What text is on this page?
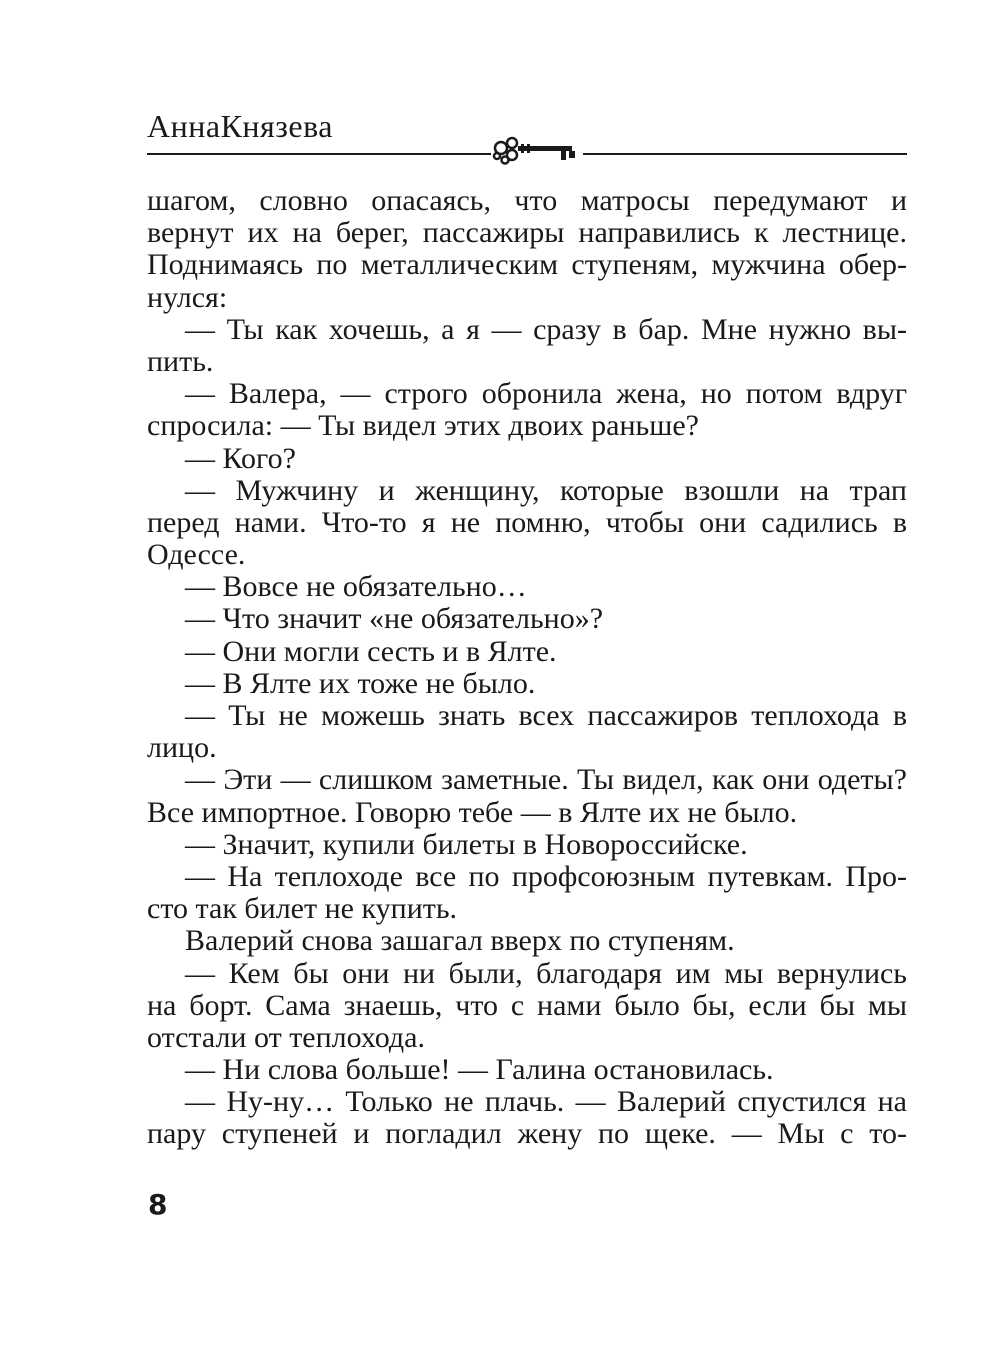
АннаКнязева
шагом, словно опасаясь, что матросы передумают и
вернут их на берег, пассажиры направились к лестнице.
Поднимаясь по металлическим ступеням, мужчина обер-
нулся:
— Ты как хочешь, а я — сразу в бар. Мне нужно вы-
пить.
— Валера, — строго обронила жена, но потом вдруг
спросила: — Ты видел этих двоих раньше?
— Кого?
— Мужчину и женщину, которые взошли на трап
перед нами. Что-то я не помню, чтобы они садились в
Одессе.
— Вовсе не обязательно…
— Что значит «не обязательно»?
— Они могли сесть и в Ялте.
— В Ялте их тоже не было.
— Ты не можешь знать всех пассажиров теплохода в
лицо.
— Эти — слишком заметные. Ты видел, как они одеты?
Все импортное. Говорю тебе — в Ялте их не было.
— Значит, купили билеты в Новороссийске.
— На теплоходе все по профсоюзным путевкам. Про-
сто так билет не купить.
Валерий снова зашагал вверх по ступеням.
— Кем бы они ни были, благодаря им мы вернулись
на борт. Сама знаешь, что с нами было бы, если бы мы
отстали от теплохода.
— Ни слова больше! — Галина остановилась.
— Ну-ну… Только не плачь. — Валерий спустился на
пару ступеней и погладил жену по щеке. — Мы с то-
8
